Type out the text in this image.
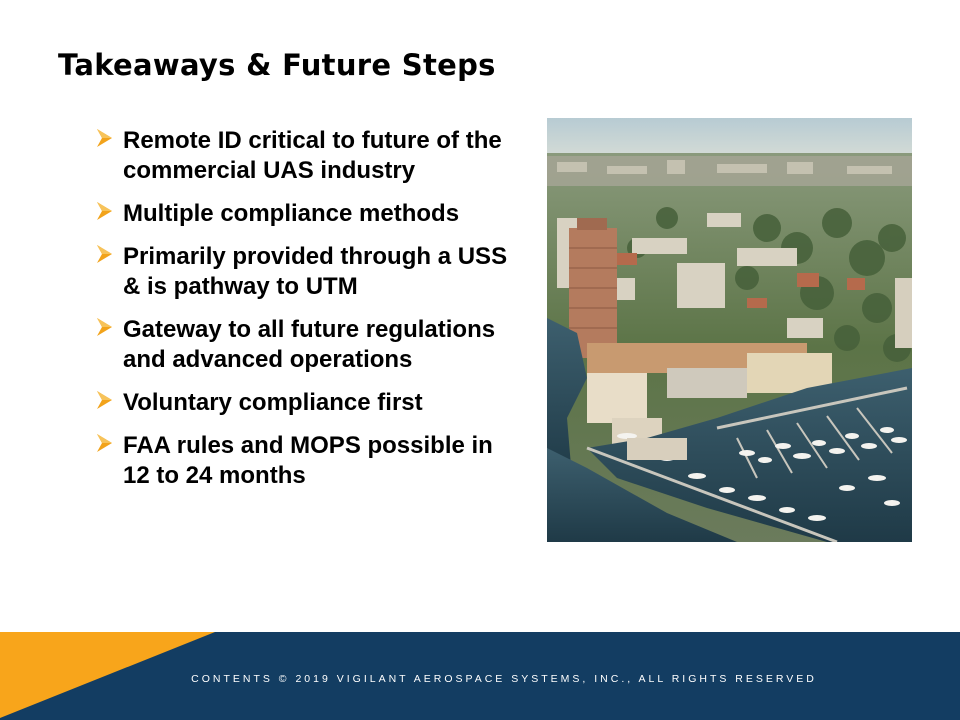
Takeaways & Future Steps
Remote ID critical to future of the commercial UAS industry
Multiple compliance methods
Primarily provided through a USS & is pathway to UTM
Gateway to all future regulations and advanced operations
Voluntary compliance first
FAA rules and MOPS possible in 12 to 24 months
CONTENTS © 2019 VIGILANT AEROSPACE SYSTEMS, INC., ALL RIGHTS RESERVED
